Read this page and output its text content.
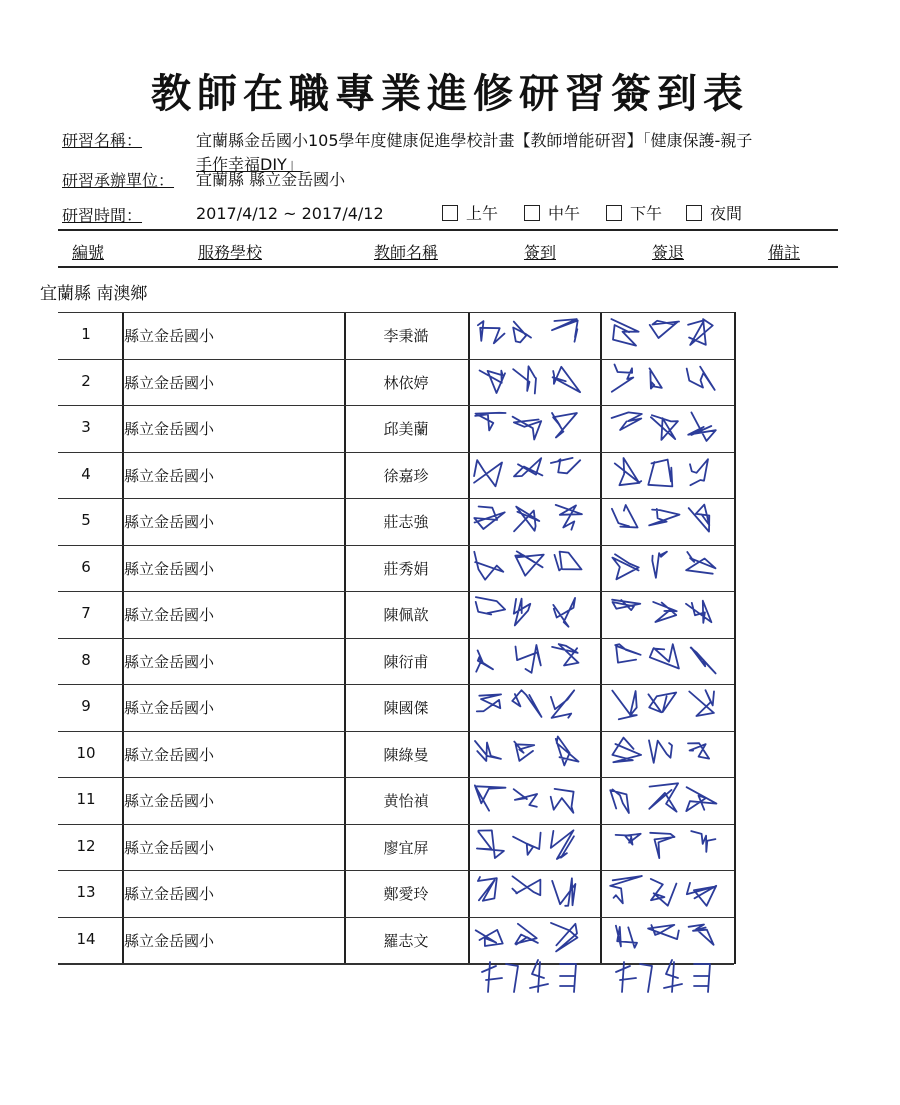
教師在職專業進修研習簽到表
研習名稱：	宜蘭縣金岳國小105學年度健康促進學校計畫【教師增能研習】「健康保護-親子
手作幸福DIY」
研習承辦單位： 宜蘭縣 縣立金岳國小
研習時間：	2017/4/12 ~ 2017/4/12	上午	中午	下午	夜間
編號	服務學校	教師名稱	簽到	簽退	備註
宜蘭縣 南澳鄉
1	縣立金岳國小	李秉澔
2	縣立金岳國小	林依婷
3	縣立金岳國小	邱美蘭
4	縣立金岳國小	徐嘉珍
5	縣立金岳國小	莊志強
6	縣立金岳國小	莊秀娟
7	縣立金岳國小	陳佩歆
8	縣立金岳國小	陳衍甫
9	縣立金岳國小	陳國傑
10	縣立金岳國小	陳綠曼
11	縣立金岳國小	黄怡禎
12	縣立金岳國小	廖宜屏
13	縣立金岳國小	鄭愛玲
14	縣立金岳國小	羅志文
